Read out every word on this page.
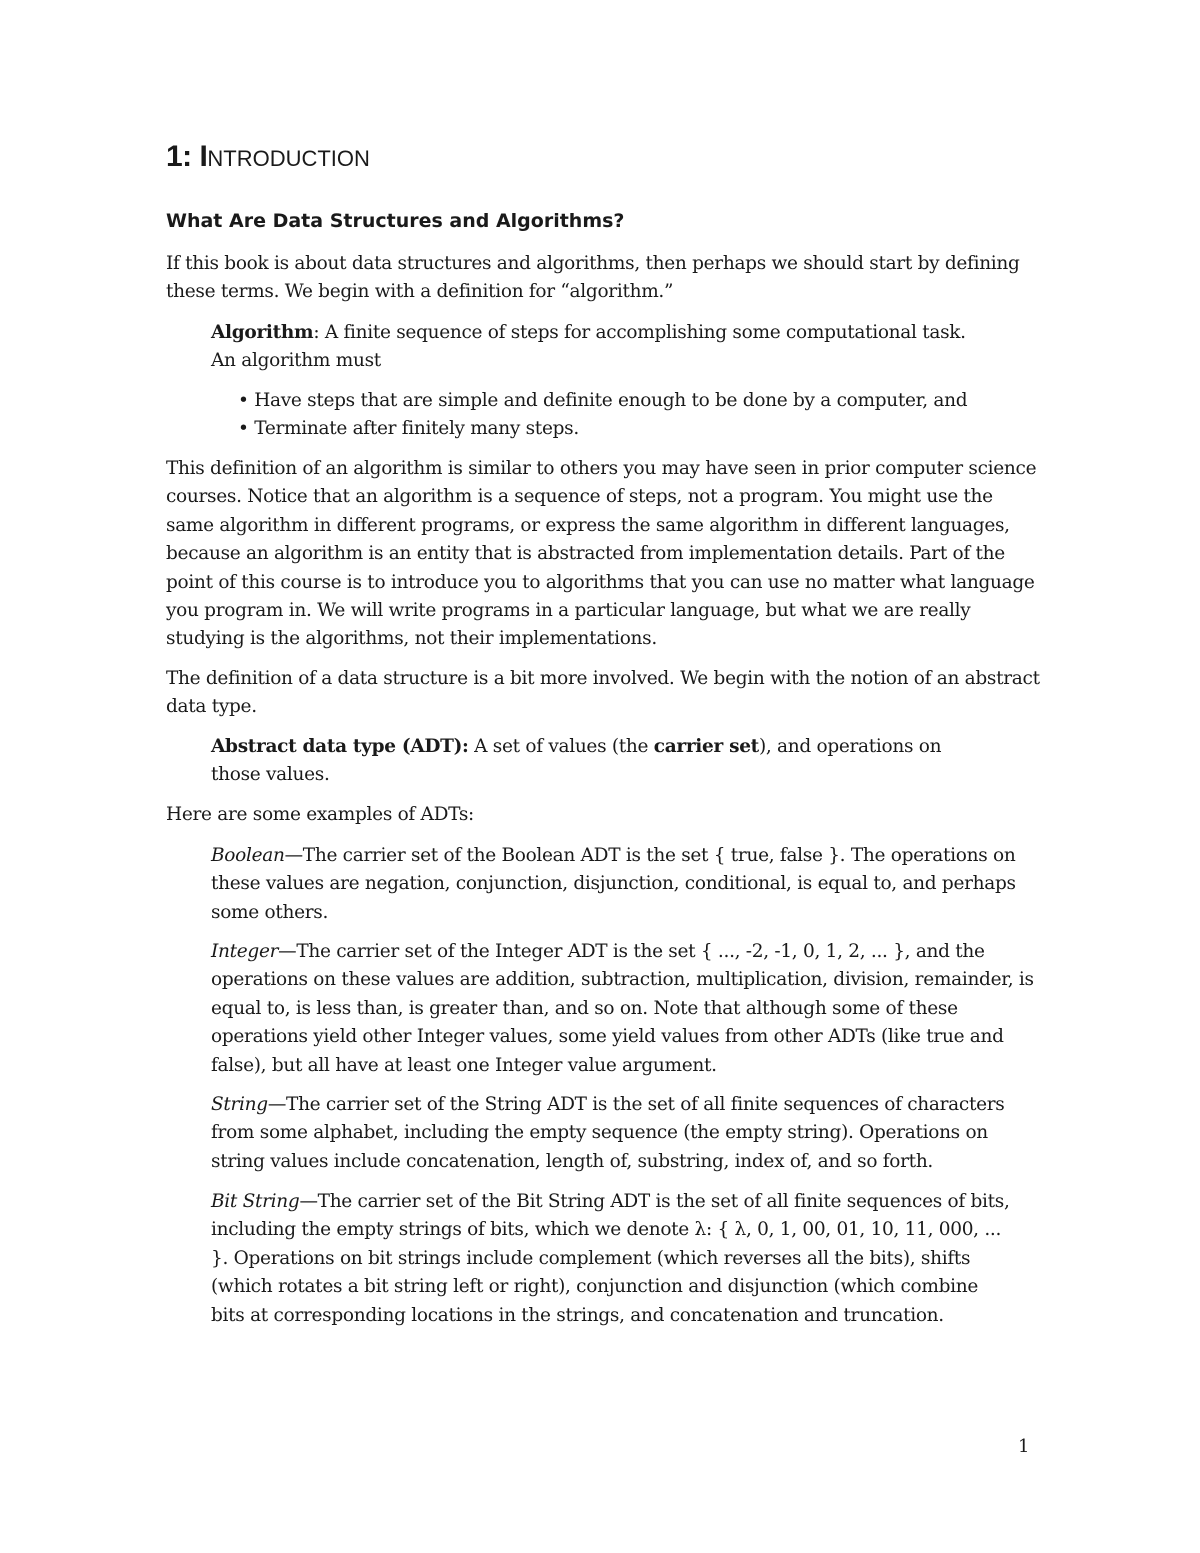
1: INTRODUCTION
What Are Data Structures and Algorithms?

If this book is about data structures and algorithms, then perhaps we should start by defining these terms. We begin with a definition for “algorithm.”

Algorithm: A finite sequence of steps for accomplishing some computational task. An algorithm must

• Have steps that are simple and definite enough to be done by a computer, and

• Terminate after finitely many steps.

This definition of an algorithm is similar to others you may have seen in prior computer science courses. Notice that an algorithm is a sequence of steps, not a program. You might use the same algorithm in different programs, or express the same algorithm in different languages, because an algorithm is an entity that is abstracted from implementation details. Part of the point of this course is to introduce you to algorithms that you can use no matter what language you program in. We will write programs in a particular language, but what we are really studying is the algorithms, not their implementations.

The definition of a data structure is a bit more involved. We begin with the notion of an abstract data type.

Abstract data type (ADT): A set of values (the carrier set), and operations on those values.

Here are some examples of ADTs:

Boolean—The carrier set of the Boolean ADT is the set { true, false }. The operations on these values are negation, conjunction, disjunction, conditional, is equal to, and perhaps some others.

Integer—The carrier set of the Integer ADT is the set { ..., -2, -1, 0, 1, 2, ... }, and the operations on these values are addition, subtraction, multiplication, division, remainder, is equal to, is less than, is greater than, and so on. Note that although some of these operations yield other Integer values, some yield values from other ADTs (like true and false), but all have at least one Integer value argument.

String—The carrier set of the String ADT is the set of all finite sequences of characters from some alphabet, including the empty sequence (the empty string). Operations on string values include concatenation, length of, substring, index of, and so forth.

Bit String—The carrier set of the Bit String ADT is the set of all finite sequences of bits, including the empty strings of bits, which we denote λ: { λ, 0, 1, 00, 01, 10, 11, 000, ... }. Operations on bit strings include complement (which reverses all the bits), shifts (which rotates a bit string left or right), conjunction and disjunction (which combine bits at corresponding locations in the strings, and concatenation and truncation.

1
